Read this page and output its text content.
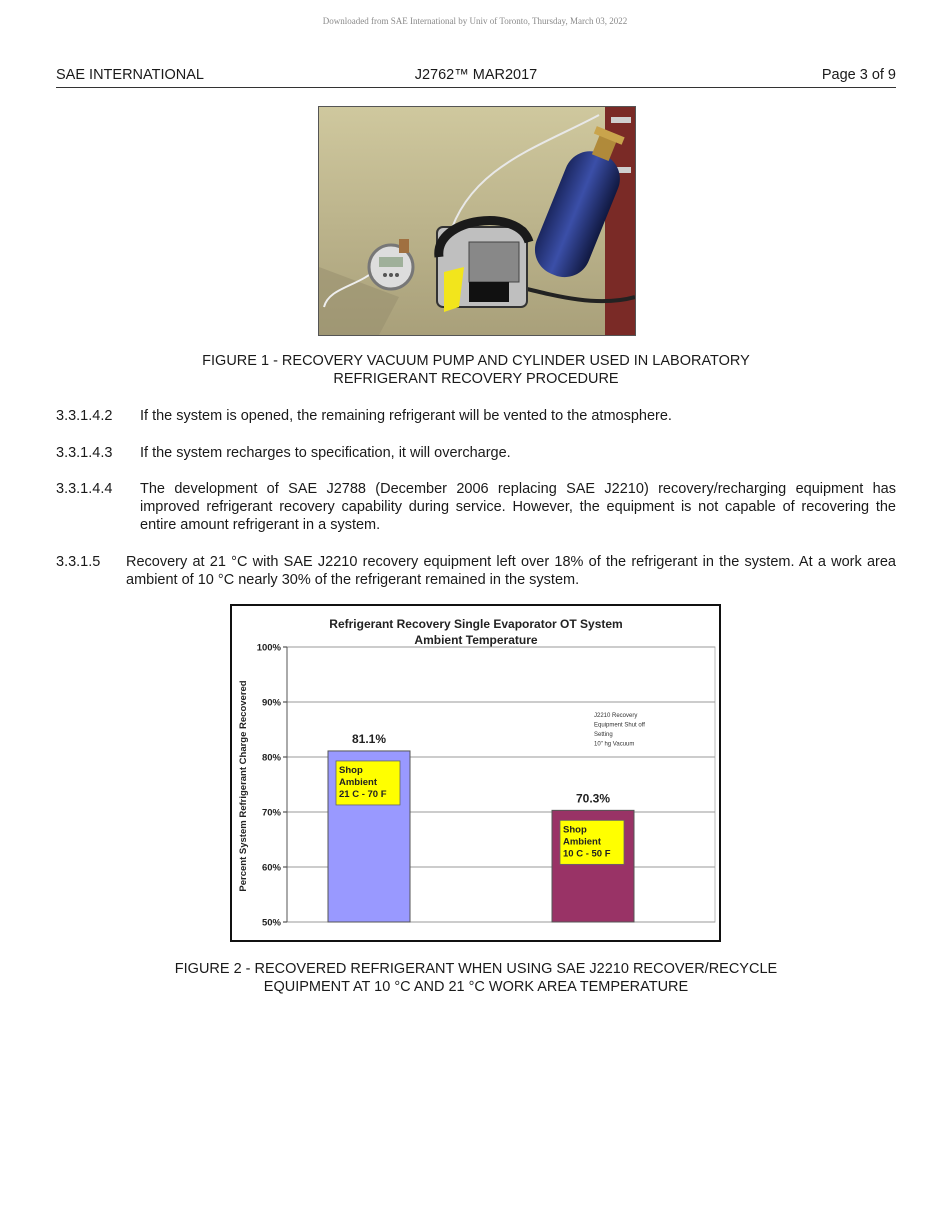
Downloaded from SAE International by Univ of Toronto, Thursday, March 03, 2022
SAE INTERNATIONAL	J2762™ MAR2017	Page 3 of 9
FIGURE 1 - RECOVERY VACUUM PUMP AND CYLINDER USED IN LABORATORY
REFRIGERANT RECOVERY PROCEDURE
3.3.1.4.2	If the system is opened, the remaining refrigerant will be vented to the atmosphere.
3.3.1.4.3	If the system recharges to specification, it will overcharge.
3.3.1.4.4	The development of SAE J2788 (December 2006 replacing SAE J2210) recovery/recharging equipment has improved refrigerant recovery capability during service. However, the equipment is not capable of recovering the entire amount refrigerant in a system.
3.3.1.5	Recovery at 21 °C with SAE J2210 recovery equipment left over 18% of the refrigerant in the system. At a work area ambient of 10 °C nearly 30% of the refrigerant remained in the system.
Refrigerant Recovery Single Evaporator OT System
Ambient Temperature
Percent System Refrigerant Charge Recovered
50%
60%
70%
80%
90%
100%
81.1%
Shop
Ambient
21 C - 70 F	70.3%
Shop
Ambient
10 C - 50 F
J2210 Recovery
Equipment Shut off
Setting
10" hg Vacuum
FIGURE 2 - RECOVERED REFRIGERANT WHEN USING SAE J2210 RECOVER/RECYCLE
EQUIPMENT AT 10 °C AND 21 °C WORK AREA TEMPERATURE
